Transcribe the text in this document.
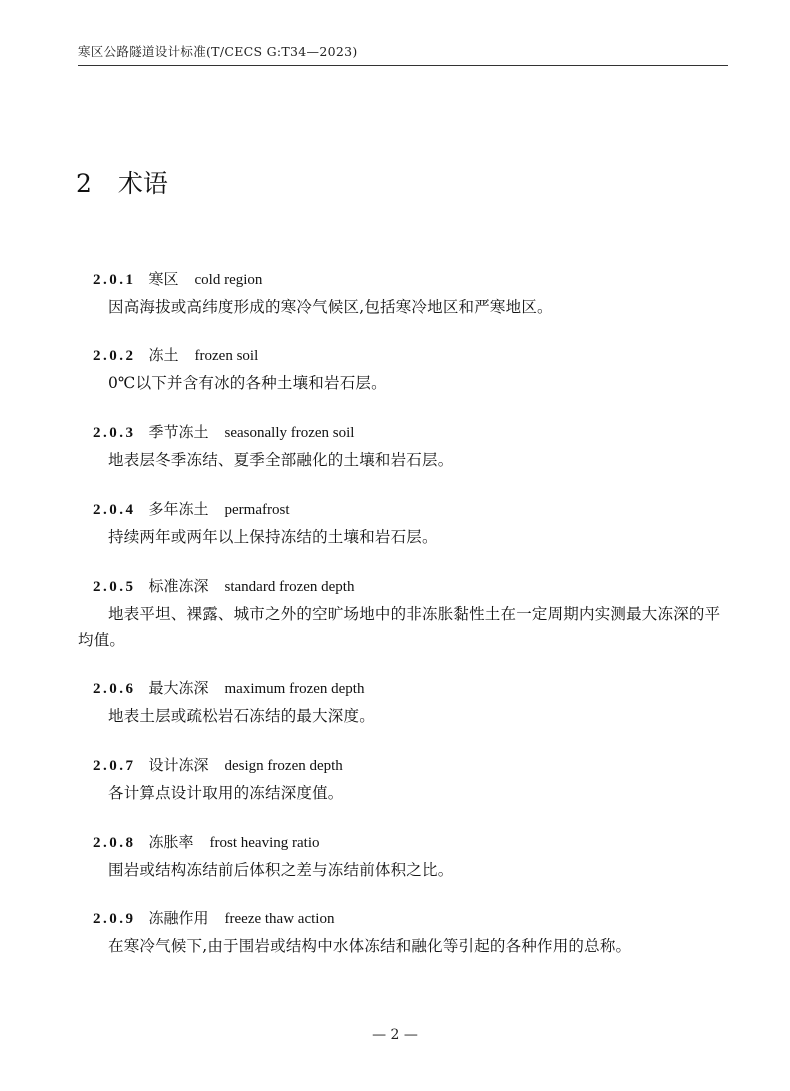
寒区公路隧道设计标准(T/CECS G:T34—2023)
2 术语
2.0.1 寒区 cold region
因高海拔或高纬度形成的寒冷气候区,包括寒冷地区和严寒地区。
2.0.2 冻土 frozen soil
0℃以下并含有冰的各种土壤和岩石层。
2.0.3 季节冻土 seasonally frozen soil
地表层冬季冻结、夏季全部融化的土壤和岩石层。
2.0.4 多年冻土 permafrost
持续两年或两年以上保持冻结的土壤和岩石层。
2.0.5 标准冻深 standard frozen depth
地表平坦、裸露、城市之外的空旷场地中的非冻胀黏性土在一定周期内实测最大冻深的平均值。
2.0.6 最大冻深 maximum frozen depth
地表土层或疏松岩石冻结的最大深度。
2.0.7 设计冻深 design frozen depth
各计算点设计取用的冻结深度值。
2.0.8 冻胀率 frost heaving ratio
围岩或结构冻结前后体积之差与冻结前体积之比。
2.0.9 冻融作用 freeze thaw action
在寒冷气候下,由于围岩或结构中水体冻结和融化等引起的各种作用的总称。
— 2 —
